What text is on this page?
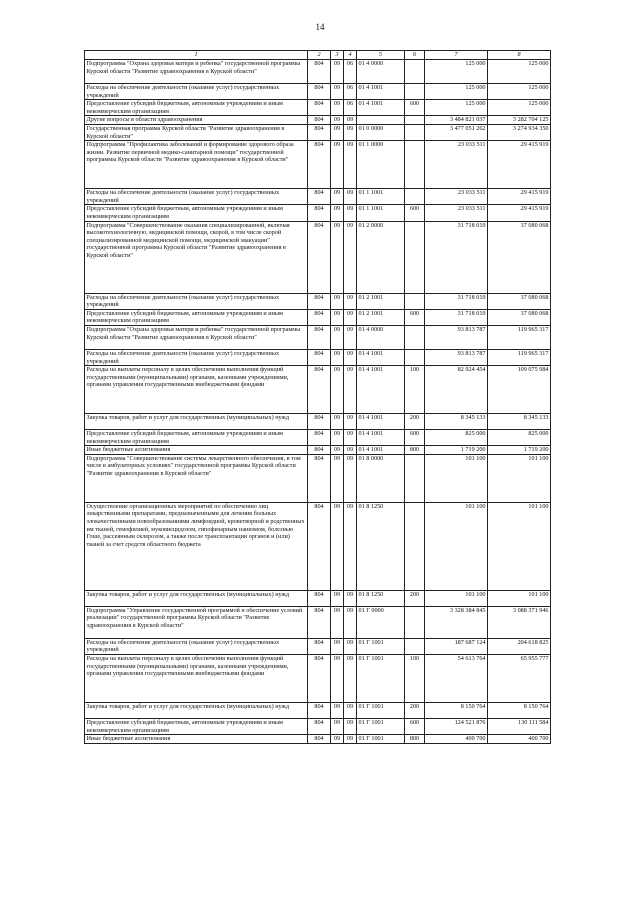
14
1	2	3	4	5	6	7	8
Подпрограмма "Охрана здоровья матери и ребенка" государственной программы Курской области "Развитие здравоохранения в Курской области"	804	09	06	01 4 0000		125 000	125 000
Расходы на обеспечение деятельности (оказание услуг) государственных учреждений	804	09	06	01 4 1001		125 000	125 000
Предоставление субсидий бюджетным, автономным учреждениям и иным некоммерческим организациям	804	09	06	01 4 1001	600	125 000	125 000
Другие вопросы в области здравоохранения	804	09	09			3 484 821 037	3 282 704 125
Государственная программа Курской области "Развитие здравоохранения в Курской области"	804	09	09	01 0 0000		3 477 051 262	3 274 934 350
Подпрограмма "Профилактика заболеваний и формирование здорового образа жизни. Развитие первичной медико-санитарной помощи" государственной программы Курской области "Развитие здравоохранения в Курской области"	804	09	09	01 1 0000		23 033 511	29 415 919
Расходы на обеспечение деятельности (оказание услуг) государственных учреждений	804	09	09	01 1 1001		23 033 511	29 415 919
Предоставление субсидий бюджетным, автономным учреждениям и иным некоммерческим организациям	804	09	09	01 1 1001	600	23 033 511	29 415 919
Подпрограмма "Совершенствование оказания специализированной, включая высокотехнологичную, медицинской помощи, скорой, в том числе скорой специализированной медицинской помощи, медицинской эвакуации" государственной программы Курской области "Развитие здравоохранения в Курской области"	804	09	09	01 2 0000		31 718 019	37 080 068
Расходы на обеспечение деятельности (оказание услуг) государственных учреждений	804	09	09	01 2 1001		31 718 019	37 080 068
Предоставление субсидий бюджетным, автономным учреждениям и иным некоммерческим организациям	804	09	09	01 2 1001	600	31 718 019	37 080 068
Подпрограмма "Охрана здоровья матери и ребенка" государственной программы Курской области "Развитие здравоохранения в Курской области"	804	09	09	01 4 0000		93 813 787	119 965 317
Расходы на обеспечение деятельности (оказание услуг) государственных учреждений	804	09	09	01 4 1001		93 813 787	119 965 317
Расходы на выплаты персоналу в целях обеспечения выполнения функций государственными (муниципальными) органами, казенными учреждениями, органами управления государственными внебюджетными фондами	804	09	09	01 4 1001	100	82 924 454	109 075 984
Закупка товаров, работ и услуг для государственных (муниципальных) нужд	804	09	09	01 4 1001	200	8 345 133	8 345 133
Предоставление субсидий бюджетным, автономным учреждениям и иным некоммерческим организациям	804	09	09	01 4 1001	600	825 000	825 000
Иные бюджетные ассигнования	804	09	09	01 4 1001	800	1 719 200	1 719 200
Подпрограмма "Совершенствование системы лекарственного обеспечения, в том числе в амбулаторных условиях" государственной программы Курской области "Развитие здравоохранения в Курской области"	804	09	09	01 8 0000		101 100	101 100
Осуществление организационных мероприятий по обеспечению лиц лекарственными препаратами, предназначенными для лечения больных злокачественными новообразованиями лимфоидной, кроветворной и родственных им тканей, гемофилией, муковисцидозом, гипофизарным нанизмом, болезнью Гоше, рассеянным склерозом, а также после трансплантации органов и (или) тканей за счет средств областного бюджета	804	09	09	01 8 1250		101 100	101 100
Закупка товаров, работ и услуг для государственных (муниципальных) нужд	804	09	09	01 8 1250	200	101 100	101 100
Подпрограмма "Управление государственной программой и обеспечение условий реализации" государственной программы Курской области "Развитие здравоохранения в Курской области"	804	09	09	01 Г 0000		3 328 384 845	3 088 371 946
Расходы на обеспечение деятельности (оказание услуг) государственных учреждений	804	09	09	01 Г 1001		187 687 124	204 618 825
Расходы на выплаты персоналу в целях обеспечения выполнения функций государственными (муниципальными) органами, казенными учреждениями, органами управления государственными внебюджетными фондами	804	09	09	01 Г 1001	100	54 613 764	65 955 777
Закупка товаров, работ и услуг для государственных (муниципальных) нужд	804	09	09	01 Г 1001	200	8 150 764	8 150 764
Предоставление субсидий бюджетным, автономным учреждениям и иным некоммерческим организациям	804	09	09	01 Г 1001	600	124 521 876	130 111 584
Иные бюджетные ассигнования	804	09	09	01 Г 1001	800	400 700	400 700
